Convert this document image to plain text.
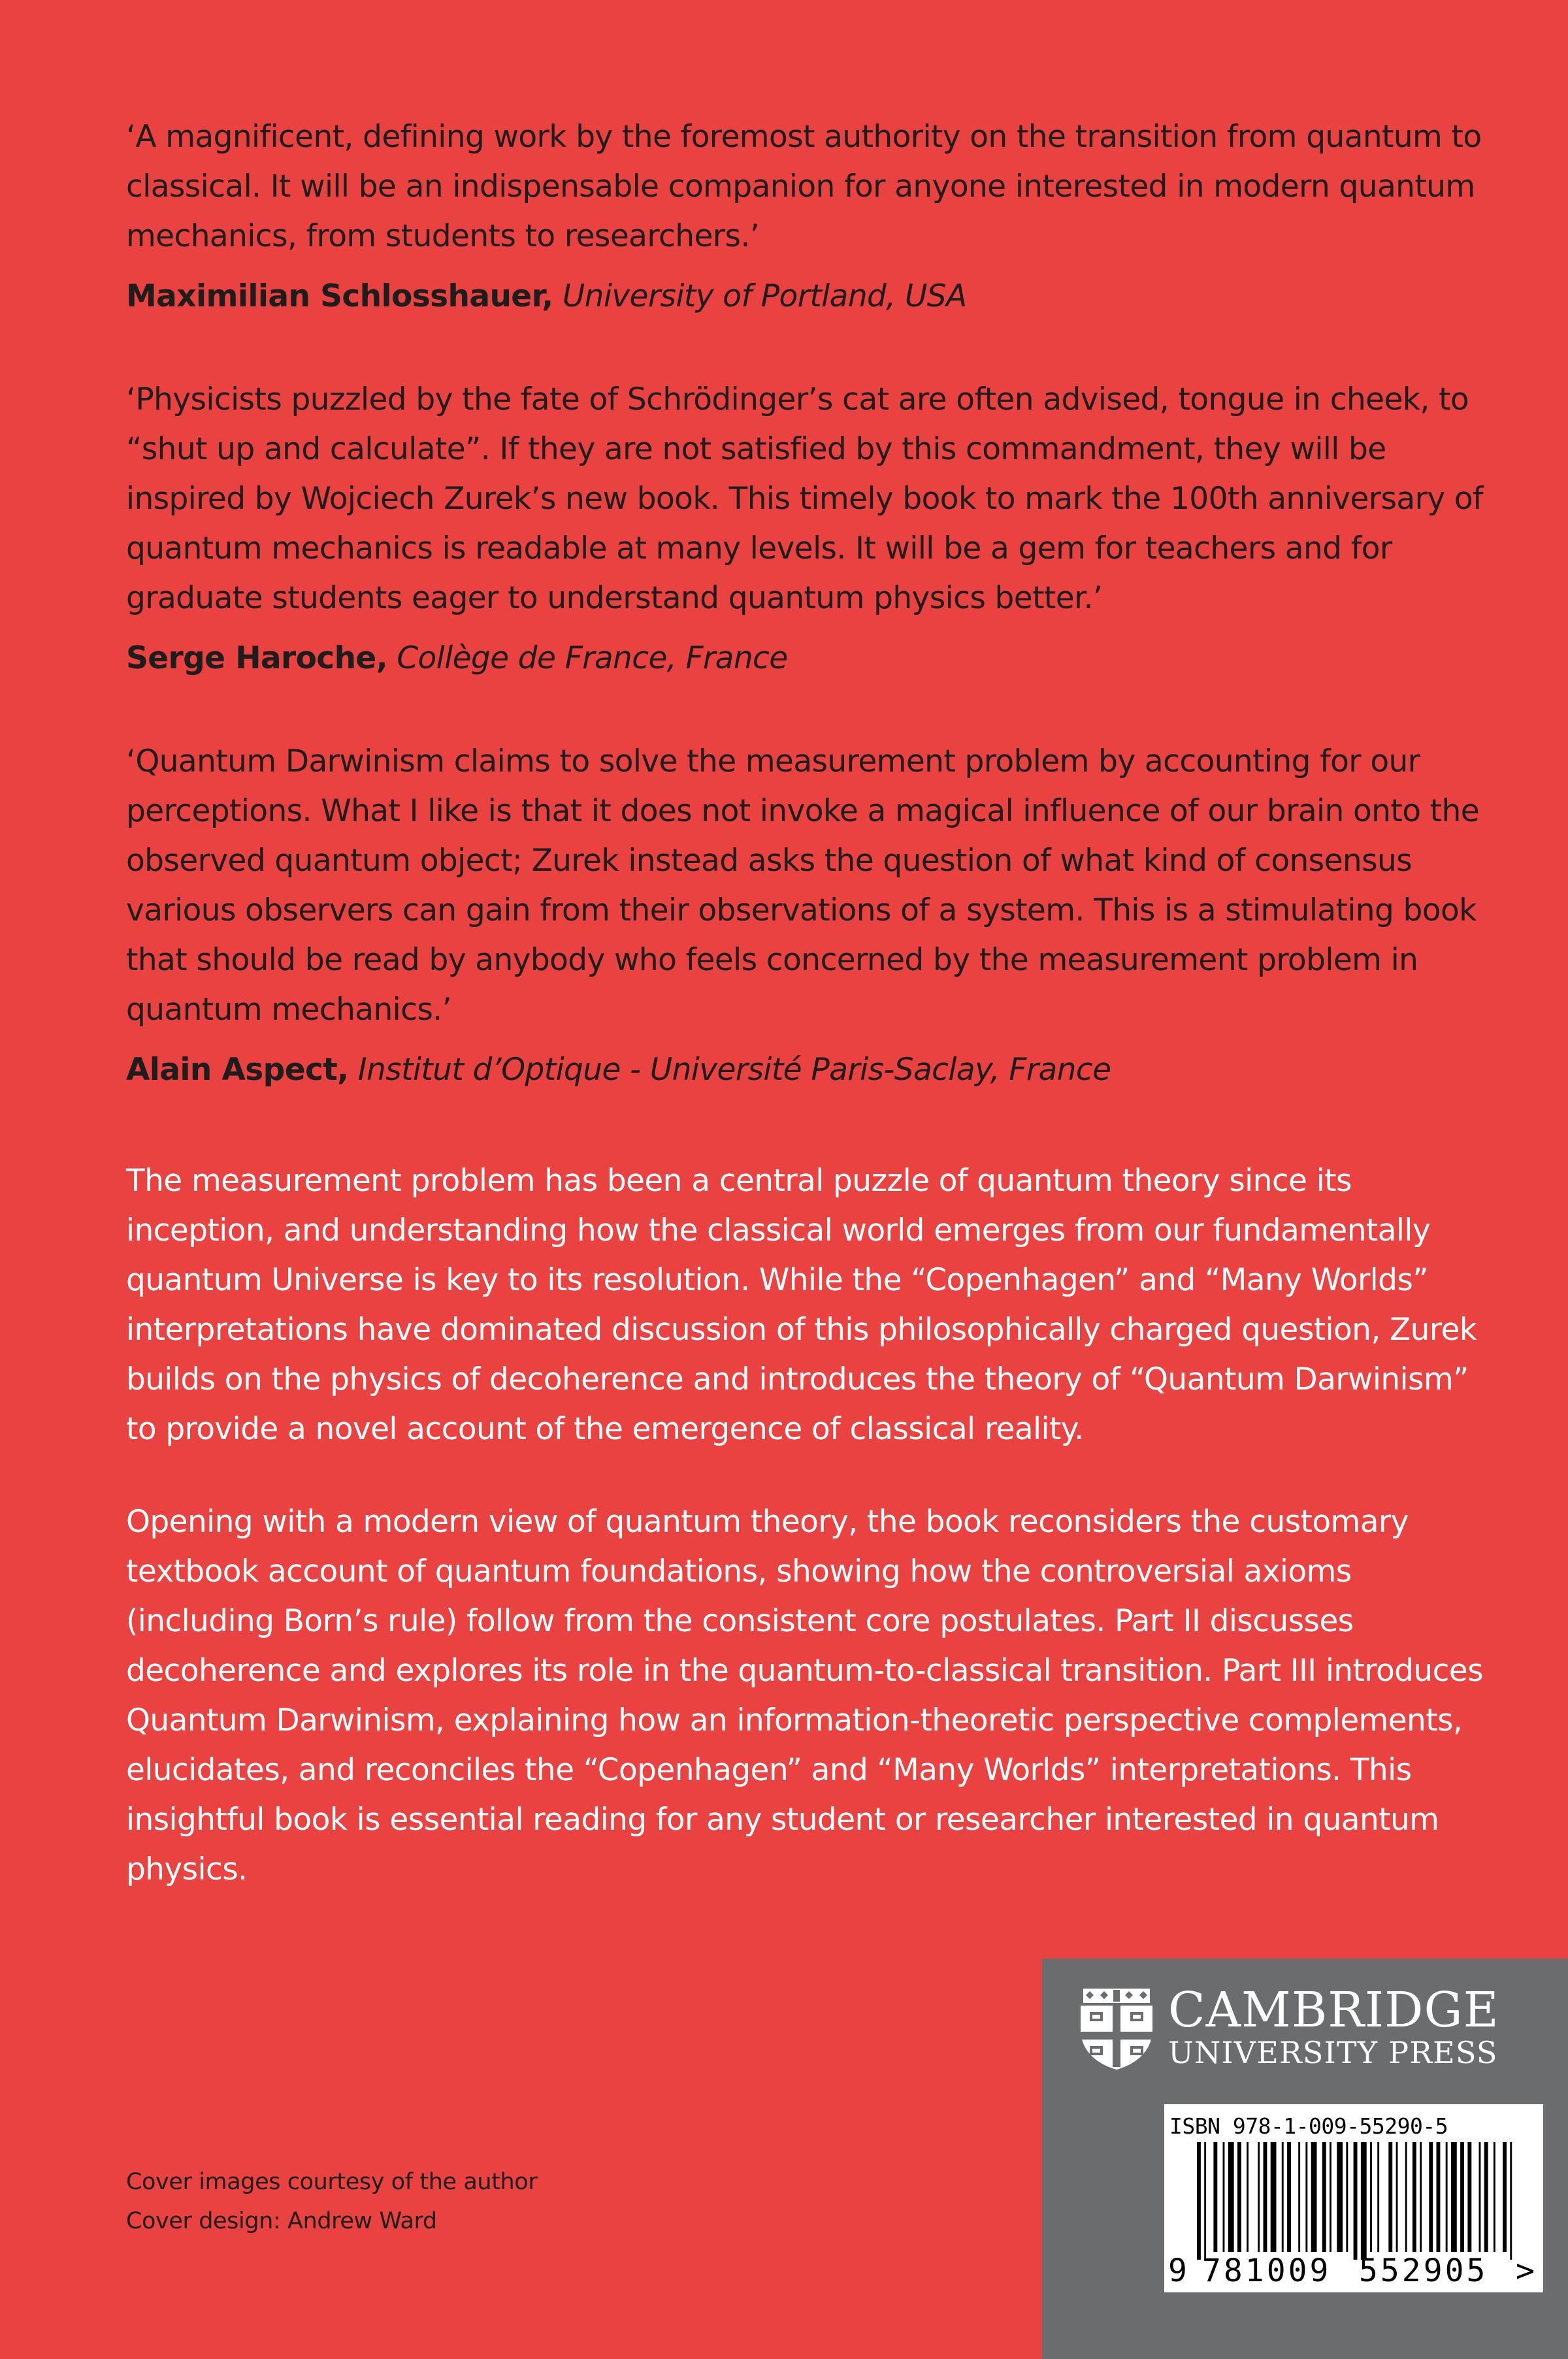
‘A magnificent, defining work by the foremost authority on the transition from quantum to classical. It will be an indispensable companion for anyone interested in modern quantum mechanics, from students to researchers.’

Maximilian Schlosshauer, University of Portland, USA

‘Physicists puzzled by the fate of Schrödinger’s cat are often advised, tongue in cheek, to “shut up and calculate”. If they are not satisfied by this commandment, they will be inspired by Wojciech Zurek’s new book. This timely book to mark the 100th anniversary of quantum mechanics is readable at many levels. It will be a gem for teachers and for graduate students eager to understand quantum physics better.’

Serge Haroche, Collège de France, France

‘Quantum Darwinism claims to solve the measurement problem by accounting for our perceptions. What I like is that it does not invoke a magical influence of our brain onto the observed quantum object; Zurek instead asks the question of what kind of consensus various observers can gain from their observations of a system. This is a stimulating book that should be read by anybody who feels concerned by the measurement problem in quantum mechanics.’

Alain Aspect, Institut d’Optique - Université Paris-Saclay, France

The measurement problem has been a central puzzle of quantum theory since its inception, and understanding how the classical world emerges from our fundamentally quantum Universe is key to its resolution. While the “Copenhagen” and “Many Worlds” interpretations have dominated discussion of this philosophically charged question, Zurek builds on the physics of decoherence and introduces the theory of “Quantum Darwinism” to provide a novel account of the emergence of classical reality.

Opening with a modern view of quantum theory, the book reconsiders the customary textbook account of quantum foundations, showing how the controversial axioms (including Born’s rule) follow from the consistent core postulates. Part II discusses decoherence and explores its role in the quantum-to-classical transition. Part III introduces Quantum Darwinism, explaining how an information-theoretic perspective complements, elucidates, and reconciles the “Copenhagen” and “Many Worlds” interpretations. This insightful book is essential reading for any student or researcher interested in quantum physics.

Cover images courtesy of the author
Cover design: Andrew Ward
CAMBRIDGE
UNIVERSITY PRESS
ISBN 978-1-009-55290-5
9 781009 552905 >
